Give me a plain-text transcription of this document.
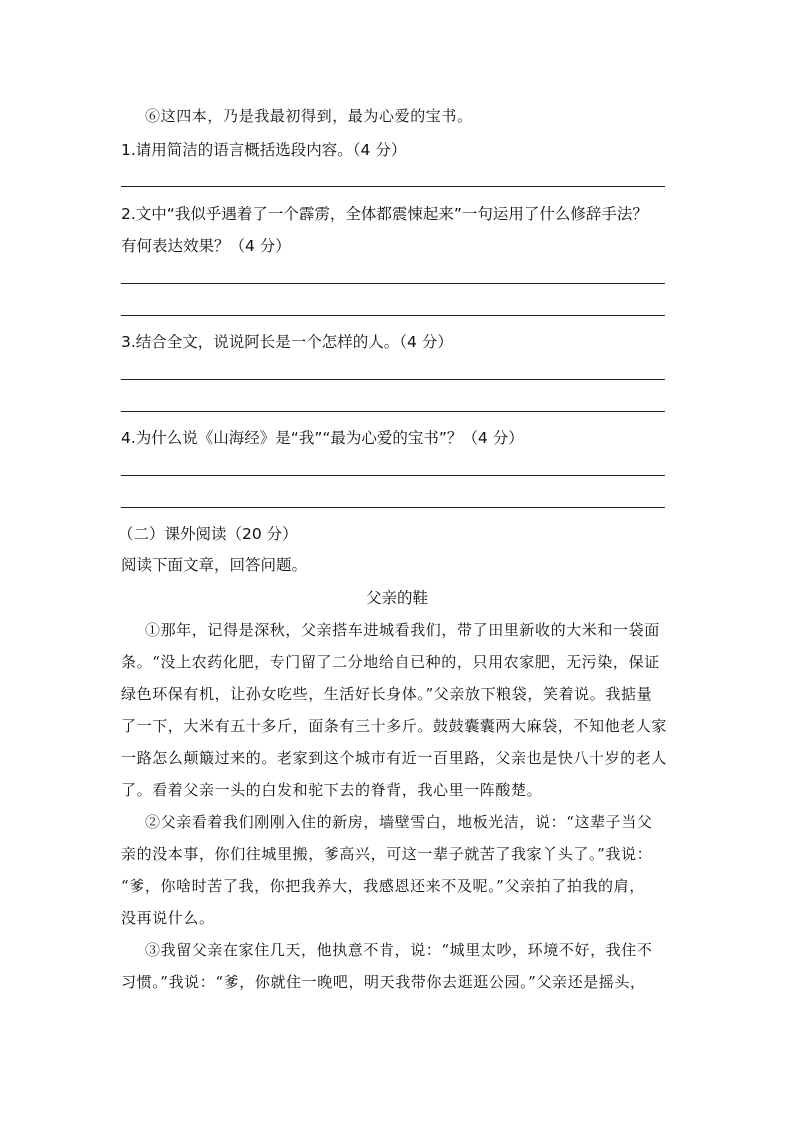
⑥这四本，乃是我最初得到，最为心爱的宝书。
1.请用简洁的语言概括选段内容。（4 分）
2.文中“我似乎遇着了一个霹雳，全体都震悚起来”一句运用了什么修辞手法？
有何表达效果？（4 分）
3.结合全文，说说阿长是一个怎样的人。（4 分）
4.为什么说《山海经》是“我”“最为心爱的宝书”？（4 分）
（二）课外阅读（20 分）
阅读下面文章，回答问题。
父亲的鞋
①那年，记得是深秋，父亲搭车进城看我们，带了田里新收的大米和一袋面
条。“没上农药化肥，专门留了二分地给自已种的，只用农家肥，无污染，保证
绿色环保有机，让孙女吃些，生活好长身体。”父亲放下粮袋，笑着说。我掂量
了一下，大米有五十多斤，面条有三十多斤。鼓鼓囊囊两大麻袋，不知他老人家
一路怎么颠簸过来的。老家到这个城市有近一百里路，父亲也是快八十岁的老人
了。看着父亲一头的白发和驼下去的脊背，我心里一阵酸楚。
②父亲看着我们刚刚入住的新房，墙壁雪白，地板光洁，说：“这辈子当父
亲的没本事，你们往城里搬，爹高兴，可这一辈子就苦了我家丫头了。”我说：
“爹，你啥时苦了我，你把我养大，我感恩还来不及呢。”父亲拍了拍我的肩，
没再说什么。
③我留父亲在家住几天，他执意不肯，说：“城里太吵，环境不好，我住不
习惯。”我说：“爹，你就住一晚吧，明天我带你去逛逛公园。”父亲还是摇头，
